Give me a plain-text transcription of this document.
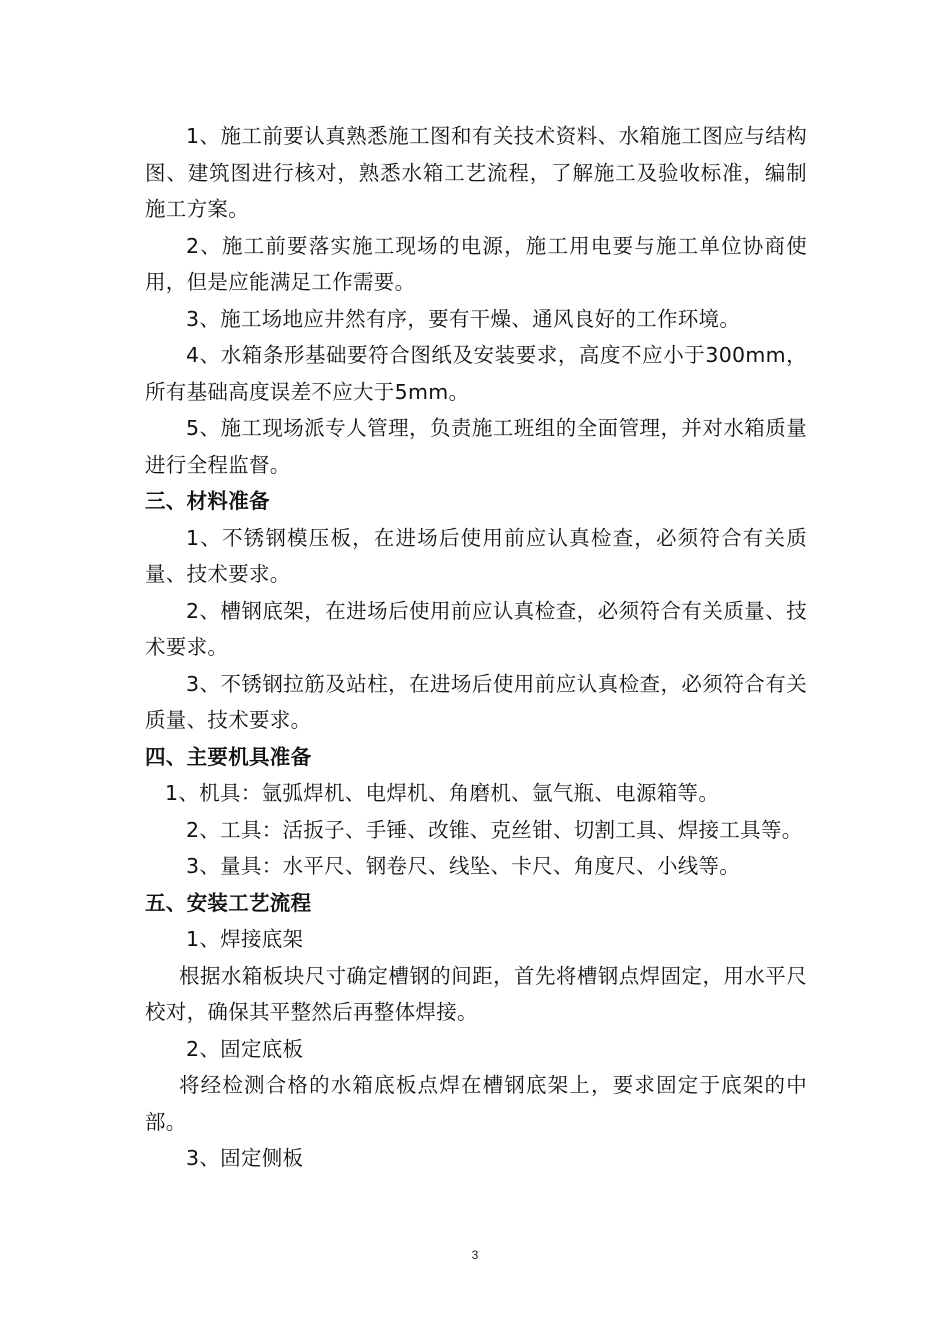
1、施工前要认真熟悉施工图和有关技术资料、水箱施工图应与结构图、建筑图进行核对，熟悉水箱工艺流程，了解施工及验收标准，编制施工方案。

2、施工前要落实施工现场的电源，施工用电要与施工单位协商使用，但是应能满足工作需要。

3、施工场地应井然有序，要有干燥、通风良好的工作环境。

4、水箱条形基础要符合图纸及安装要求，高度不应小于300mm，所有基础高度误差不应大于5mm。

5、施工现场派专人管理，负责施工班组的全面管理，并对水箱质量进行全程监督。

三、材料准备

1、不锈钢模压板，在进场后使用前应认真检查，必须符合有关质量、技术要求。

2、槽钢底架，在进场后使用前应认真检查，必须符合有关质量、技术要求。

3、不锈钢拉筋及站柱，在进场后使用前应认真检查，必须符合有关质量、技术要求。

四、主要机具准备

1、机具：氩弧焊机、电焊机、角磨机、氩气瓶、电源箱等。

2、工具：活扳子、手锤、改锥、克丝钳、切割工具、焊接工具等。

3、量具：水平尺、钢卷尺、线坠、卡尺、角度尺、小线等。

五、安装工艺流程

1、焊接底架

根据水箱板块尺寸确定槽钢的间距，首先将槽钢点焊固定，用水平尺校对，确保其平整然后再整体焊接。

2、固定底板

将经检测合格的水箱底板点焊在槽钢底架上，要求固定于底架的中部。

3、固定侧板

3
